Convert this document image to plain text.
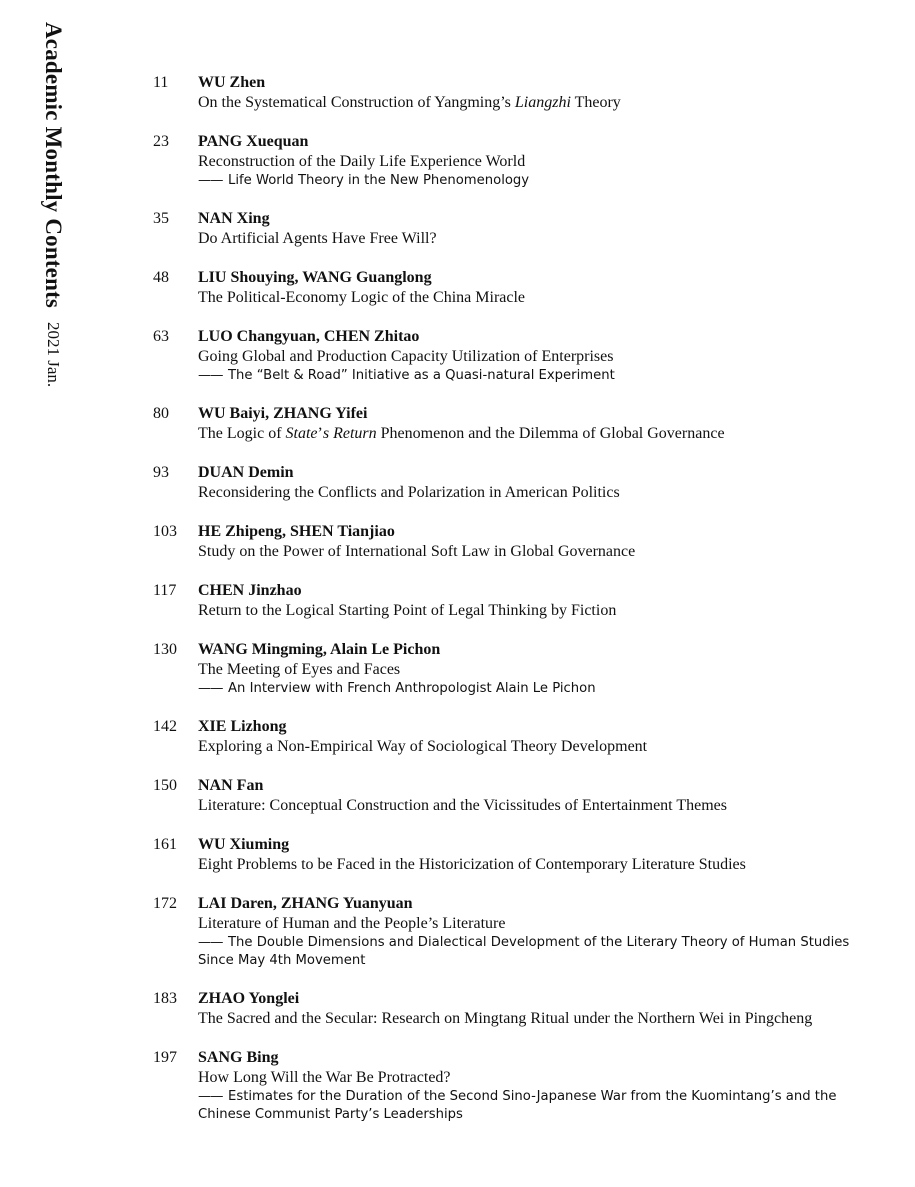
Academic Monthly Contents 2021 Jan.
11	WU Zhen
On the Systematical Construction of Yangming’s Liangzhi Theory
23	PANG Xuequan
Reconstruction of the Daily Life Experience World
—— Life World Theory in the New Phenomenology
35	NAN Xing
Do Artificial Agents Have Free Will?
48	LIU Shouying, WANG Guanglong
The Political-Economy Logic of the China Miracle
63	LUO Changyuan, CHEN Zhitao
Going Global and Production Capacity Utilization of Enterprises
—— The “Belt & Road” Initiative as a Quasi-natural Experiment
80	WU Baiyi, ZHANG Yifei
The Logic of State’s Return Phenomenon and the Dilemma of Global Governance
93	DUAN Demin
Reconsidering the Conflicts and Polarization in American Politics
103 HE Zhipeng, SHEN Tianjiao
Study on the Power of International Soft Law in Global Governance
117 CHEN Jinzhao
Return to the Logical Starting Point of Legal Thinking by Fiction
130 WANG Mingming, Alain Le Pichon
The Meeting of Eyes and Faces
—— An Interview with French Anthropologist Alain Le Pichon
142 XIE Lizhong
Exploring a Non-Empirical Way of Sociological Theory Development
150 NAN Fan
Literature: Conceptual Construction and the Vicissitudes of Entertainment Themes
161 WU Xiuming
Eight Problems to be Faced in the Historicization of Contemporary Literature Studies
172 LAI Daren, ZHANG Yuanyuan
Literature of Human and the People’s Literature
—— The Double Dimensions and Dialectical Development of the Literary Theory of Human Studies Since May 4th Movement
183 ZHAO Yonglei
The Sacred and the Secular: Research on Mingtang Ritual under the Northern Wei in Pingcheng
197 SANG Bing
How Long Will the War Be Protracted?
—— Estimates for the Duration of the Second Sino-Japanese War from the Kuomintang’s and the Chinese Communist Party’s Leaderships
